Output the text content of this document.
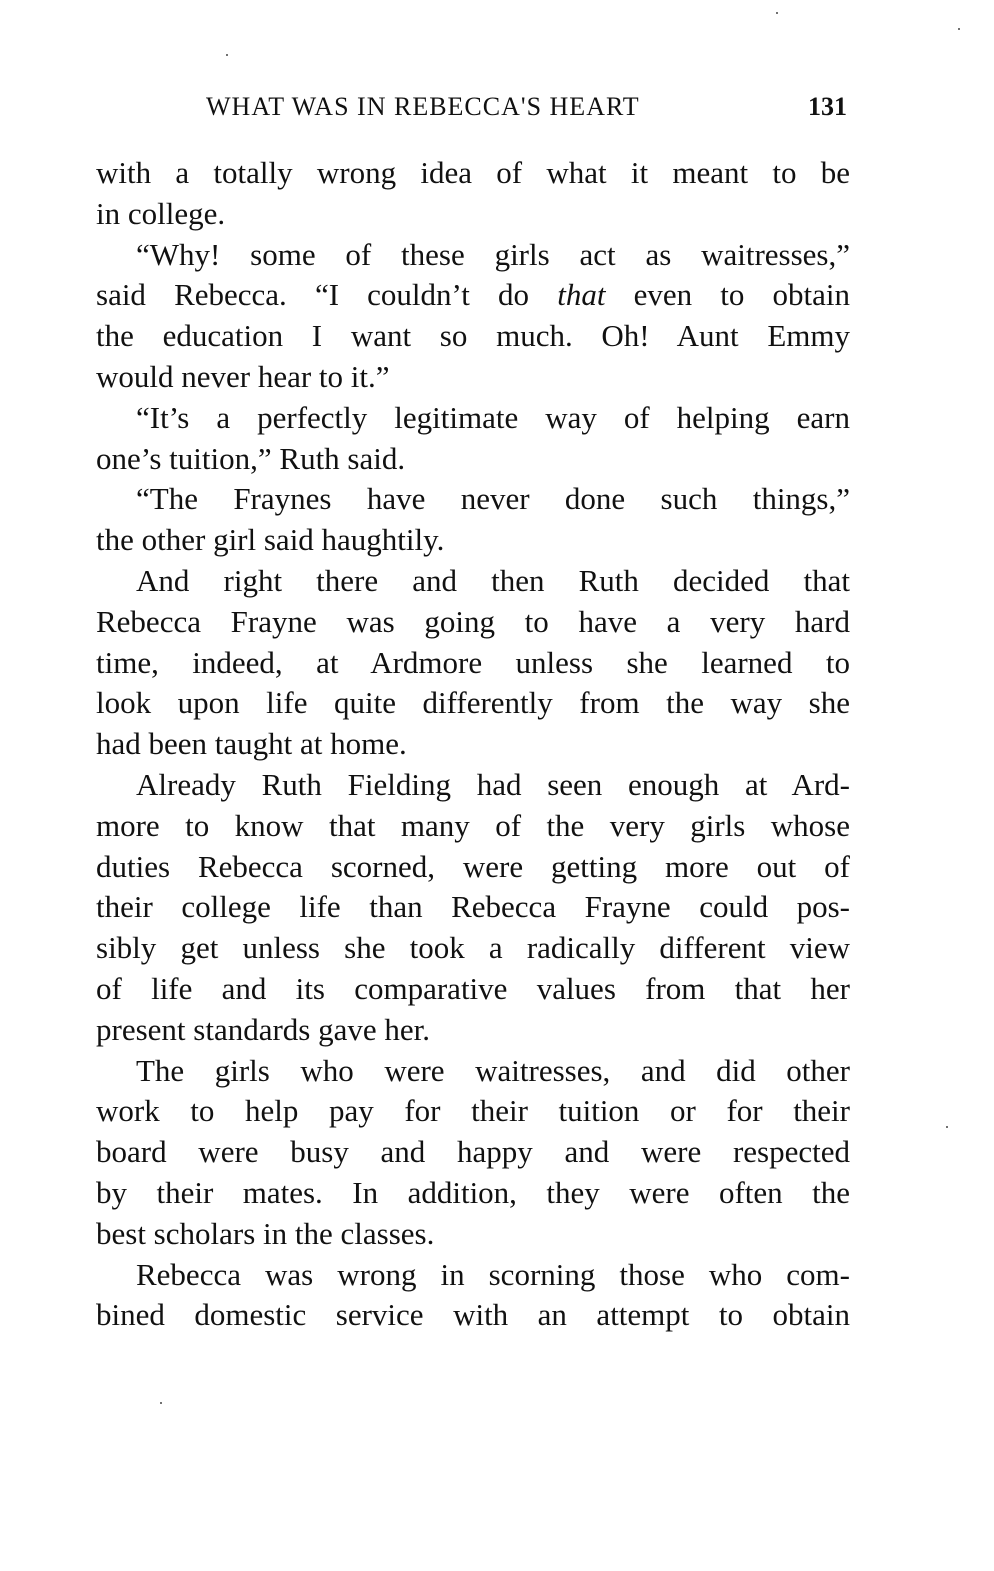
WHAT WAS IN REBECCA'S HEART	131
with a totally wrong idea of what it meant to be
in college.
“Why! some of these girls act as waitresses,”
said Rebecca. “I couldn’t do that even to obtain
the education I want so much. Oh! Aunt Emmy
would never hear to it.”
“It’s a perfectly legitimate way of helping earn
one’s tuition,” Ruth said.
“The Fraynes have never done such things,”
the other girl said haughtily.
And right there and then Ruth decided that
Rebecca Frayne was going to have a very hard
time, indeed, at Ardmore unless she learned to
look upon life quite differently from the way she
had been taught at home.
Already Ruth Fielding had seen enough at Ard-
more to know that many of the very girls whose
duties Rebecca scorned, were getting more out of
their college life than Rebecca Frayne could pos-
sibly get unless she took a radically different view
of life and its comparative values from that her
present standards gave her.
The girls who were waitresses, and did other
work to help pay for their tuition or for their
board were busy and happy and were respected
by their mates. In addition, they were often the
best scholars in the classes.
Rebecca was wrong in scorning those who com-
bined domestic service with an attempt to obtain
